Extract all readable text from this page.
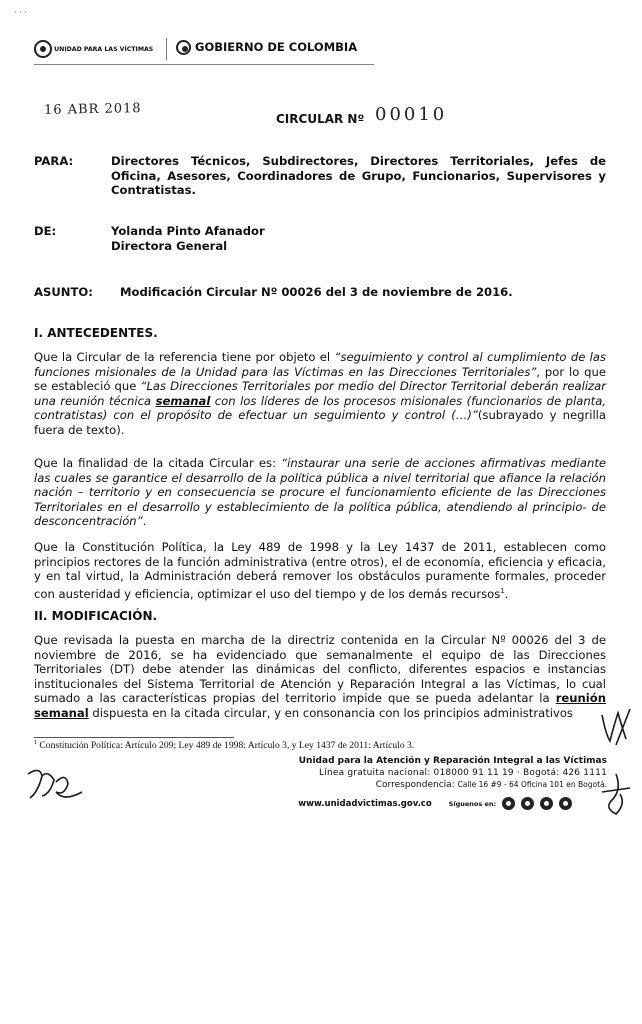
UNIDAD PARA LAS VÍCTIMAS	GOBIERNO DE COLOMBIA
16 ABR 2018
CIRCULAR Nº 00010
PARA:	Directores Técnicos, Subdirectores, Directores Territoriales, Jefes de Oficina, Asesores, Coordinadores de Grupo, Funcionarios, Supervisores y Contratistas.
DE:	Yolanda Pinto Afanador
Directora General
ASUNTO: Modificación Circular Nº 00026 del 3 de noviembre de 2016.
I. ANTECEDENTES.
Que la Circular de la referencia tiene por objeto el “seguimiento y control al cumplimiento de las funciones misionales de la Unidad para las Víctimas en las Direcciones Territoriales”, por lo que se estableció que “Las Direcciones Territoriales por medio del Director Territorial deberán realizar una reunión técnica semanal con los líderes de los procesos misionales (funcionarios de planta, contratistas) con el propósito de efectuar un seguimiento y control (…)”(subrayado y negrilla fuera de texto).
Que la finalidad de la citada Circular es: “instaurar una serie de acciones afirmativas mediante las cuales se garantice el desarrollo de la política pública a nivel territorial que afiance la relación nación – territorio y en consecuencia se procure el funcionamiento eficiente de las Direcciones Territoriales en el desarrollo y establecimiento de la política pública, atendiendo al principio- de desconcentración”.
Que la Constitución Política, la Ley 489 de 1998 y la Ley 1437 de 2011, establecen como principios rectores de la función administrativa (entre otros), el de economía, eficiencia y eficacia, y en tal virtud, la Administración deberá remover los obstáculos puramente formales, proceder con austeridad y eficiencia, optimizar el uso del tiempo y de los demás recursos$^1$.
II. MODIFICACIÓN.
Que revisada la puesta en marcha de la directriz contenida en la Circular Nº 00026 del 3 de noviembre de 2016, se ha evidenciado que semanalmente el equipo de las Direcciones Territoriales (DT) debe atender las dinámicas del conflicto, diferentes espacios e instancias institucionales del Sistema Territorial de Atención y Reparación Integral a las Víctimas, lo cual sumado a las características propias del territorio impide que se pueda adelantar la reunión semanal dispuesta en la citada circular, y en consonancia con los principios administrativos
$^1$ Constitución Política: Artículo 209; Ley 489 de 1998: Artículo 3, y Ley 1437 de 2011: Artículo 3.
Unidad para la Atención y Reparación Integral a las Víctimas
Línea gratuita nacional: 018000 91 11 19 · Bogotá: 426 1111
Correspondencia: Calle 16 #9 - 64 Oficina 101 en Bogotá.
www.unidadvictimas.gov.co	Síguenos en:
· · ·
